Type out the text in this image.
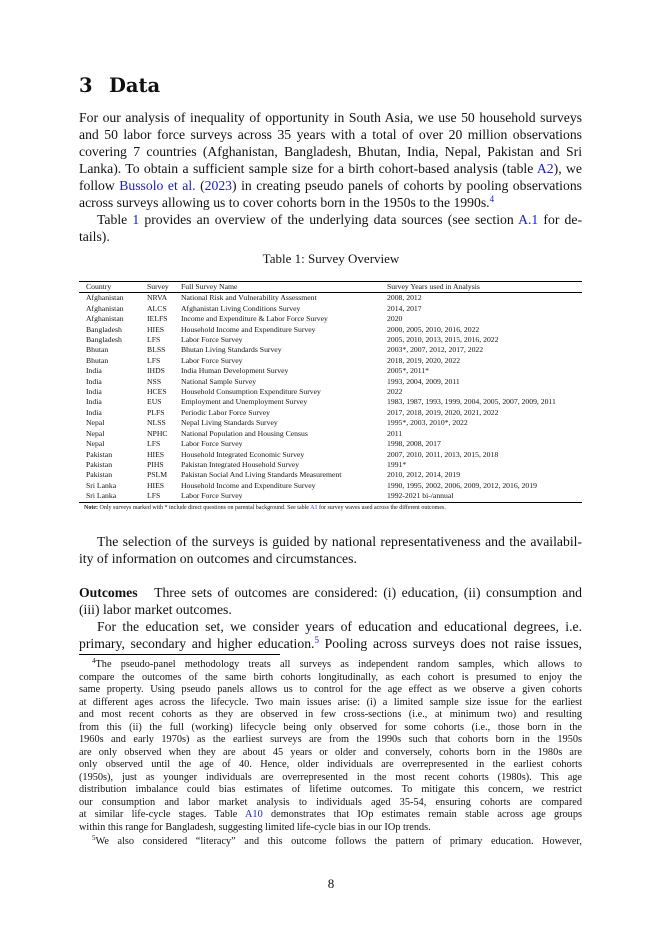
3 Data
For our analysis of inequality of opportunity in South Asia, we use 50 household surveys
and 50 labor force surveys across 35 years with a total of over 20 million observations
covering 7 countries (Afghanistan, Bangladesh, Bhutan, India, Nepal, Pakistan and Sri
Lanka). To obtain a sufficient sample size for a birth cohort-based analysis (table A2), we
follow Bussolo et al. (2023) in creating pseudo panels of cohorts by pooling observations
across surveys allowing us to cover cohorts born in the 1950s to the 1990s.$^4$
Table 1 provides an overview of the underlying data sources (see section A.1 for de-
tails).
Table 1: Survey Overview
Country	Survey	Full Survey Name	Survey Years used in Analysis
Afghanistan	NRVA	National Risk and Vulnerability Assessment	2008, 2012
Afghanistan	ALCS	Afghanistan Living Conditions Survey	2014, 2017
Afghanistan	IELFS	Income and Expenditure & Labor Force Survey	2020
Bangladesh	HIES	Household Income and Expenditure Survey	2000, 2005, 2010, 2016, 2022
Bangladesh	LFS	Labor Force Survey	2005, 2010, 2013, 2015, 2016, 2022
Bhutan	BLSS	Bhutan Living Standards Survey	2003*, 2007, 2012, 2017, 2022
Bhutan	LFS	Labor Force Survey	2018, 2019, 2020, 2022
India	IHDS	India Human Development Survey	2005*, 2011*
India	NSS	National Sample Survey	1993, 2004, 2009, 2011
India	HCES	Household Consumption Expenditure Survey	2022
India	EUS	Employment and Unemployment Survey	1983, 1987, 1993, 1999, 2004, 2005, 2007, 2009, 2011
India	PLFS	Periodic Labor Force Survey	2017, 2018, 2019, 2020, 2021, 2022
Nepal	NLSS	Nepal Living Standards Survey	1995*, 2003, 2010*, 2022
Nepal	NPHC	National Population and Housing Census	2011
Nepal	LFS	Labor Force Survey	1998, 2008, 2017
Pakistan	HIES	Household Integrated Economic Survey	2007, 2010, 2011, 2013, 2015, 2018
Pakistan	PIHS	Pakistan Integrated Household Survey	1991*
Pakistan	PSLM	Pakistan Social And Living Standards Measurement	2010, 2012, 2014, 2019
Sri Lanka	HIES	Household Income and Expenditure Survey	1990, 1995, 2002, 2006, 2009, 2012, 2016, 2019
Sri Lanka	LFS	Labor Force Survey	1992-2021 bi-/annual
Note: Only surveys marked with * include direct questions on parental background. See table A1 for survey waves used across the different outcomes.
The selection of the surveys is guided by national representativeness and the availabil-
ity of information on outcomes and circumstances.
Outcomes Three sets of outcomes are considered: (i) education, (ii) consumption and
(iii) labor market outcomes.
For the education set, we consider years of education and educational degrees, i.e.
primary, secondary and higher education.$^5$ Pooling across surveys does not raise issues,
$^4$The pseudo-panel methodology treats all surveys as independent random samples, which allows to
compare the outcomes of the same birth cohorts longitudinally, as each cohort is presumed to enjoy the
same property. Using pseudo panels allows us to control for the age effect as we observe a given cohorts
at different ages across the lifecycle. Two main issues arise: (i) a limited sample size issue for the earliest
and most recent cohorts as they are observed in few cross-sections (i.e., at minimum two) and resulting
from this (ii) the full (working) lifecycle being only observed for some cohorts (i.e., those born in the
1960s and early 1970s) as the earliest surveys are from the 1990s such that cohorts born in the 1950s
are only observed when they are about 45 years or older and conversely, cohorts born in the 1980s are
only observed until the age of 40. Hence, older individuals are overrepresented in the earliest cohorts
(1950s), just as younger individuals are overrepresented in the most recent cohorts (1980s). This age
distribution imbalance could bias estimates of lifetime outcomes. To mitigate this concern, we restrict
our consumption and labor market analysis to individuals aged 35-54, ensuring cohorts are compared
at similar life-cycle stages. Table A10 demonstrates that IOp estimates remain stable across age groups
within this range for Bangladesh, suggesting limited life-cycle bias in our IOp trends.
$^5$We also considered “literacy” and this outcome follows the pattern of primary education. However,
8
